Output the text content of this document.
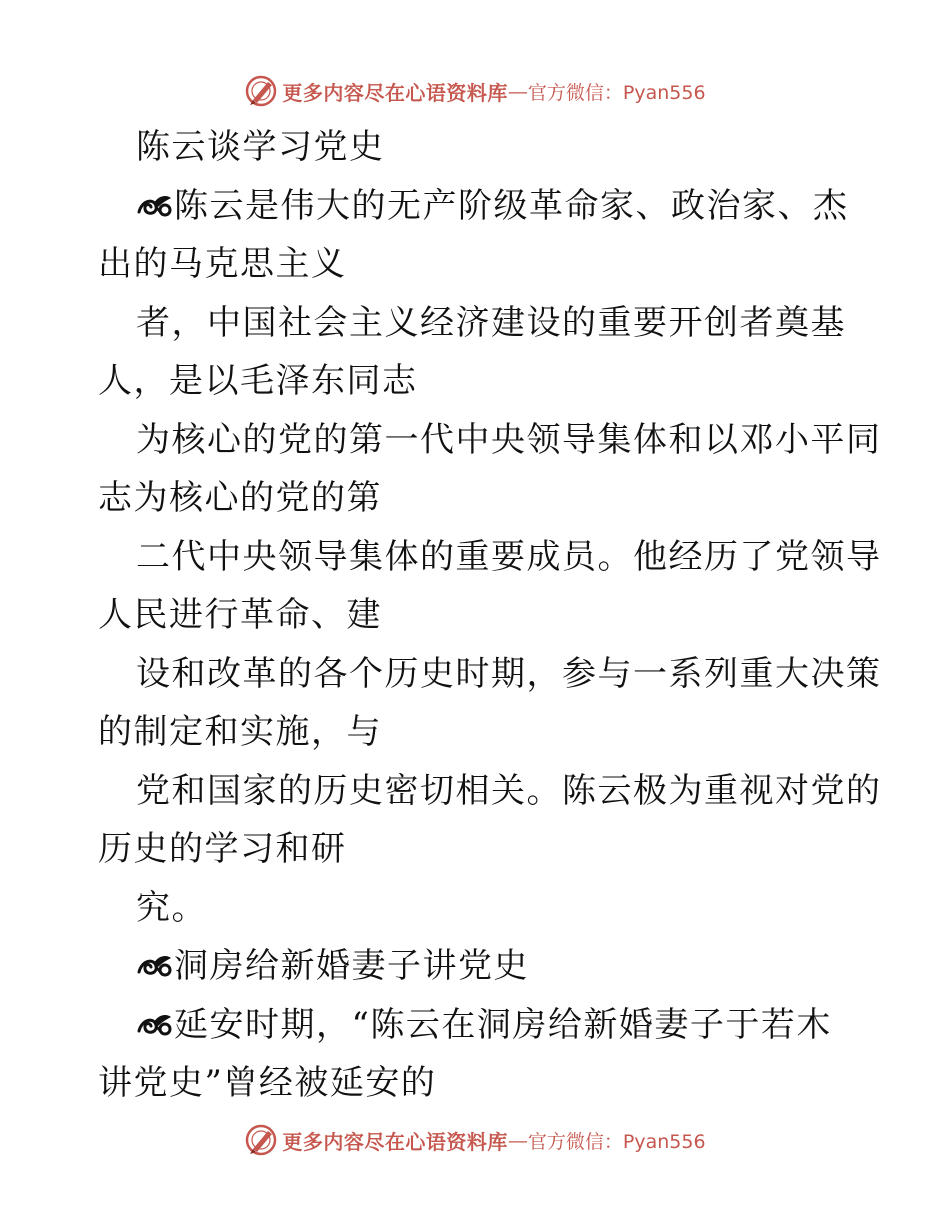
更多内容尽在心语资料库 — 官方微信：Pyan556
陈云谈学习党史
陈云是伟大的无产阶级革命家、政治家、杰
出的马克思主义
者，中国社会主义经济建设的重要开创者奠基
人，是以毛泽东同志
为核心的党的第一代中央领导集体和以邓小平同
志为核心的党的第
二代中央领导集体的重要成员。他经历了党领导
人民进行革命、建
设和改革的各个历史时期，参与一系列重大决策
的制定和实施，与
党和国家的历史密切相关。陈云极为重视对党的
历史的学习和研
究。
洞房给新婚妻子讲党史
延安时期，“陈云在洞房给新婚妻子于若木
讲党史”曾经被延安的
更多内容尽在心语资料库 — 官方微信：Pyan556
